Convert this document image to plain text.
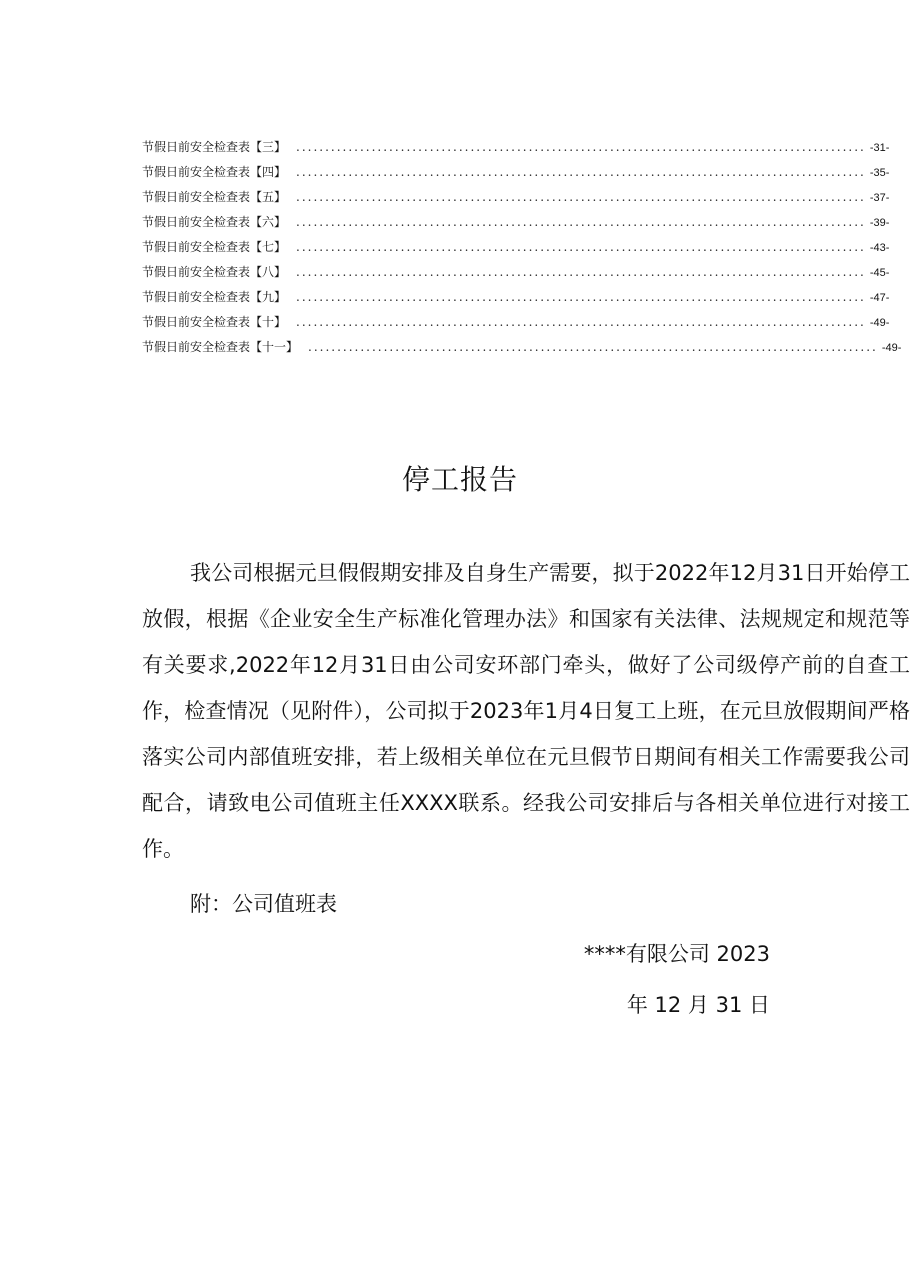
节假日前安全检查表【三】 .................................................................................................. -31-
节假日前安全检查表【四】 .................................................................................................. -35-
节假日前安全检查表【五】 .................................................................................................. -37-
节假日前安全检查表【六】 .................................................................................................. -39-
节假日前安全检查表【七】 .................................................................................................. -43-
节假日前安全检查表【八】 .................................................................................................. -45-
节假日前安全检查表【九】 .................................................................................................. -47-
节假日前安全检查表【十】 .................................................................................................. -49-
节假日前安全检查表【十一】 .................................................................................................. -49-
停工报告

我公司根据元旦假假期安排及自身生产需要，拟于2022年12月31日开始停工放假，根据《企业安全生产标准化管理办法》和国家有关法律、法规规定和规范等有关要求,2022年12月31日由公司安环部门牵头，做好了公司级停产前的自查工作，检查情况（见附件），公司拟于2023年1月4日复工上班，在元旦放假期间严格落实公司内部值班安排，若上级相关单位在元旦假节日期间有相关工作需要我公司配合，请致电公司值班主任XXXX联系。经我公司安排后与各相关单位进行对接工作。

附：公司值班表

****有限公司 2023

年 12 月 31 日
